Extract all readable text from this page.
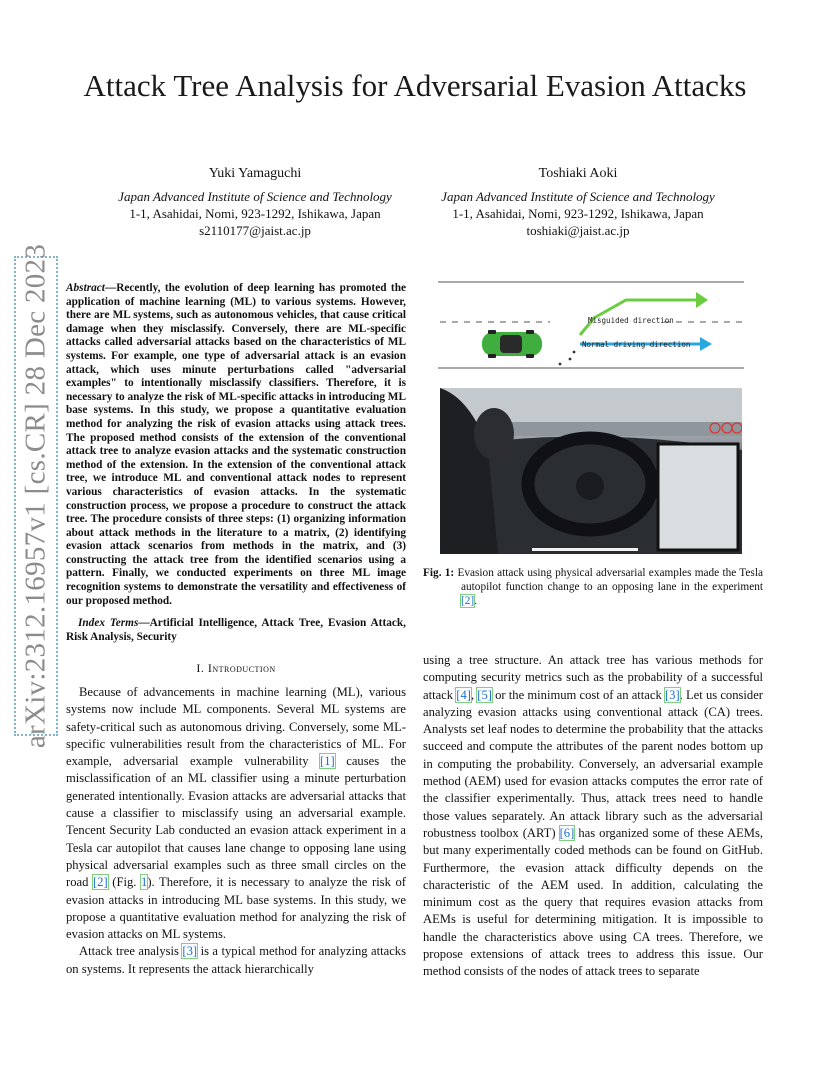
Attack Tree Analysis for Adversarial Evasion Attacks
Yuki Yamaguchi
Japan Advanced Institute of Science and Technology
1-1, Asahidai, Nomi, 923-1292, Ishikawa, Japan
s2110177@jaist.ac.jp
Toshiaki Aoki
Japan Advanced Institute of Science and Technology
1-1, Asahidai, Nomi, 923-1292, Ishikawa, Japan
toshiaki@jaist.ac.jp
arXiv:2312.16957v1 [cs.CR] 28 Dec 2023 Abstract—Recently, the evolution of deep learning has promoted the application of machine learning (ML) to various systems. However, there are ML systems, such as autonomous vehicles, that cause critical damage when they misclassify. Conversely, there are ML-specific attacks called adversarial attacks based on the characteristics of ML systems. For example, one type of adversarial attack is an evasion attack, which uses minute perturbations called "adversarial examples" to intentionally misclassify classifiers. Therefore, it is necessary to analyze the risk of ML-specific attacks in introducing ML base systems. In this study, we propose a quantitative evaluation method for analyzing the risk of evasion attacks using attack trees. The proposed method consists of the extension of the conventional attack tree to analyze evasion attacks and the systematic construction method of the extension. In the extension of the conventional attack tree, we introduce ML and conventional attack nodes to represent various characteristics of evasion attacks. In the systematic construction process, we propose a procedure to construct the attack tree. The procedure consists of three steps: (1) organizing information about attack methods in the literature to a matrix, (2) identifying evasion attack scenarios from methods in the matrix, and (3) constructing the attack tree from the identified scenarios using a pattern. Finally, we conducted experiments on three ML image recognition systems to demonstrate the versatility and effectiveness of our proposed method.
Index Terms—Artificial Intelligence, Attack Tree, Evasion Attack, Risk Analysis, Security
I. Introduction

Because of advancements in machine learning (ML), various systems now include ML components. Several ML systems are safety-critical such as autonomous driving. Conversely, some ML-specific vulnerabilities result from the characteristics of ML. For example, adversarial example vulnerability [1] causes the misclassification of an ML classifier using a minute perturbation generated intentionally. Evasion attacks are adversarial attacks that cause a classifier to misclassify using an adversarial example. Tencent Security Lab conducted an evasion attack experiment in a Tesla car autopilot that causes lane change to opposing lane using physical adversarial examples such as three small circles on the road [2] (Fig. 1). Therefore, it is necessary to analyze the risk of evasion attacks in introducing ML base systems. In this study, we propose a quantitative evaluation method for analyzing the risk of evasion attacks on ML systems.

Attack tree analysis [3] is a typical method for analyzing attacks on systems. It represents the attack hierarchically

Misguided direction
Normal driving direction
Fig. 1: Evasion attack using physical adversarial examples made the Tesla autopilot function change to an opposing lane in the experiment [2].
using a tree structure. An attack tree has various methods for computing security metrics such as the probability of a successful attack [4], [5] or the minimum cost of an attack [3]. Let us consider analyzing evasion attacks using conventional attack (CA) trees. Analysts set leaf nodes to determine the probability that the attacks succeed and compute the attributes of the parent nodes bottom up in computing the probability. Conversely, an adversarial example method (AEM) used for evasion attacks computes the error rate of the classifier experimentally. Thus, attack trees need to handle those values separately. An attack library such as the adversarial robustness toolbox (ART) [6] has organized some of these AEMs, but many experimentally coded methods can be found on GitHub. Furthermore, the evasion attack difficulty depends on the characteristic of the AEM used. In addition, calculating the minimum cost as the query that requires evasion attacks from AEMs is useful for determining mitigation. It is impossible to handle the characteristics above using CA trees. Therefore, we propose extensions of attack trees to address this issue. Our method consists of the nodes of attack trees to separate
